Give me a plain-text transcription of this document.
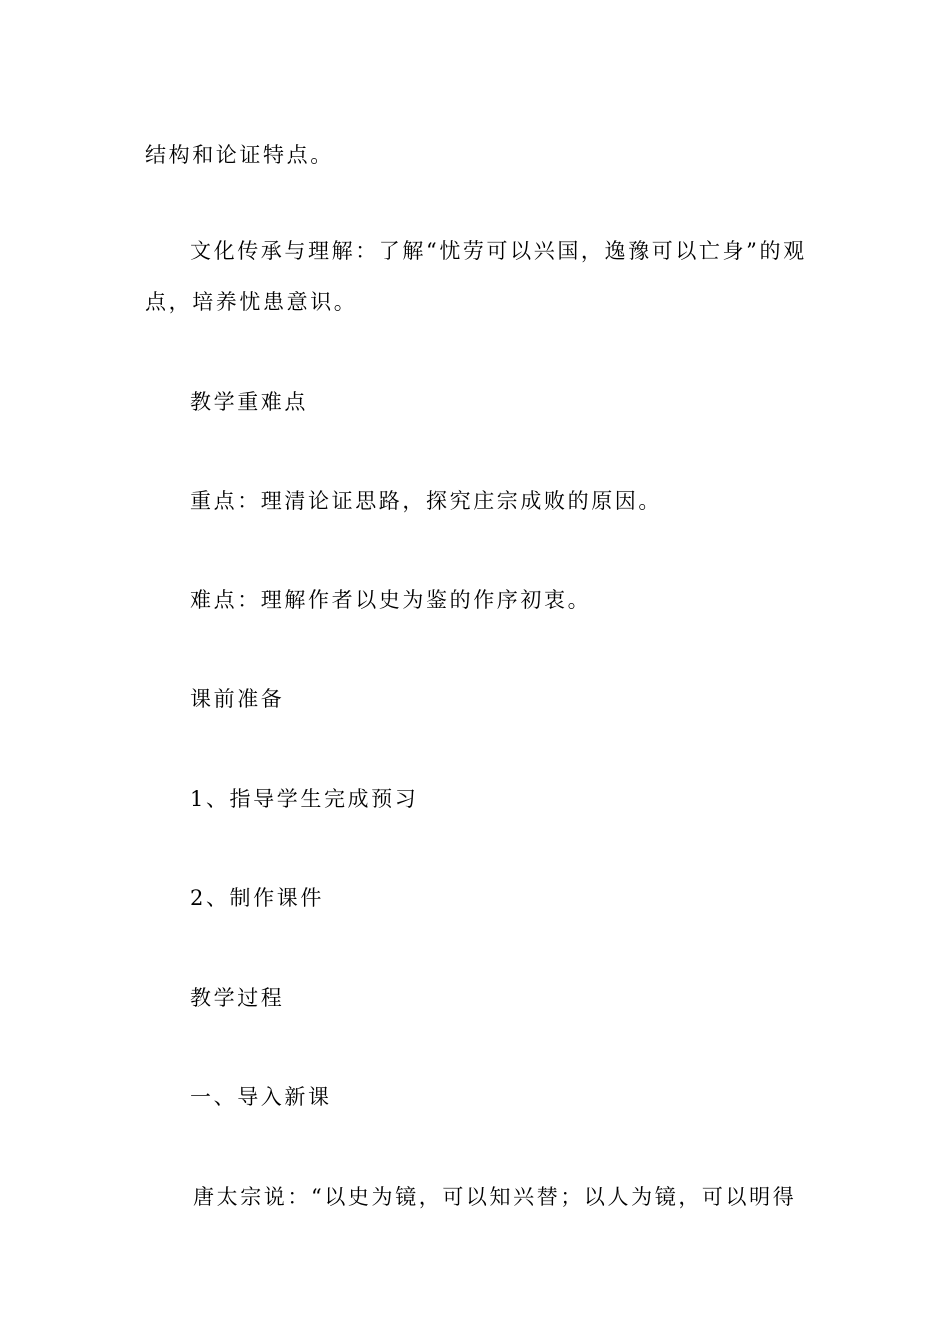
结构和论证特点。
文化传承与理解：了解“忧劳可以兴国，逸豫可以亡身”的观
点，培养忧患意识。
教学重难点
重点：理清论证思路，探究庄宗成败的原因。
难点：理解作者以史为鉴的作序初衷。
课前准备
1、指导学生完成预习
2、制作课件
教学过程
一、导入新课
唐太宗说：“以史为镜，可以知兴替；以人为镜，可以明得
